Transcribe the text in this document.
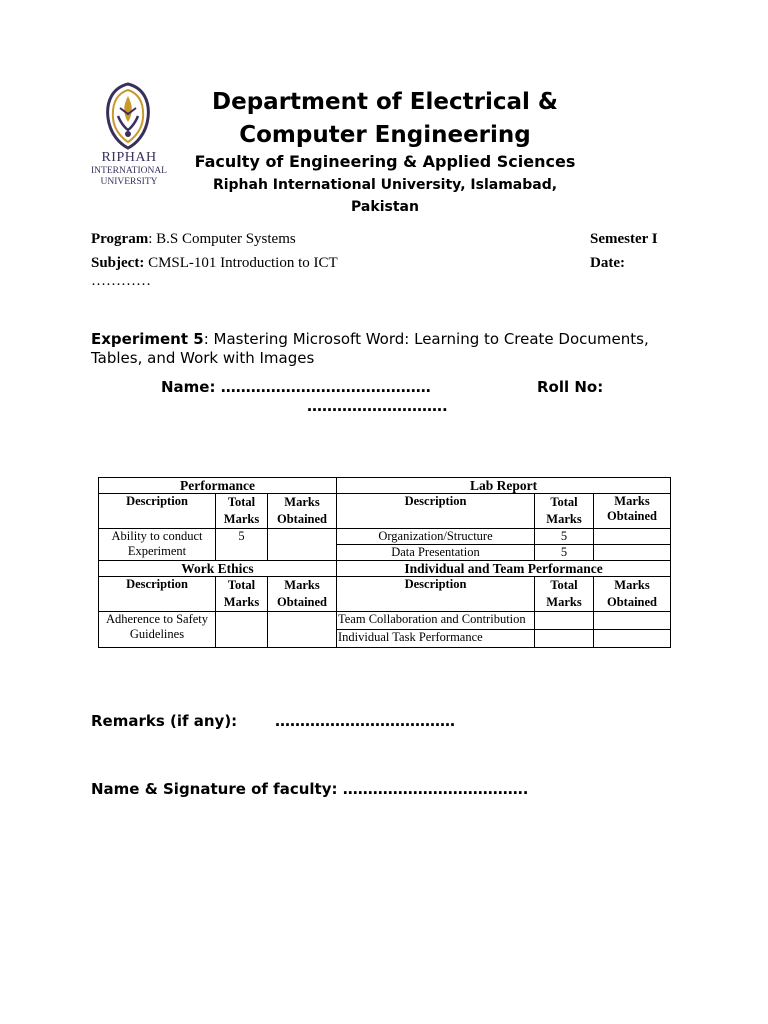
RIPHAH
INTERNATIONAL
UNIVERSITY
Department of Electrical &
Computer Engineering
Faculty of Engineering & Applied Sciences
Riphah International University, Islamabad, Pakistan
Program: B.S Computer Systems	Semester I
Subject: CMSL-101 Introduction to ICT	Date:
…………
Experiment 5: Mastering Microsoft Word: Learning to Create Documents, Tables, and Work with Images
Name: ……………………………………	Roll No:
……………………….
Performance			Lab Report		
Description	Total Marks	Marks Obtained	Description	Total Marks	Marks Obtained
Ability to conduct Experiment	5		Organization/Structure	5	
			Data Presentation	5	
Work Ethics			Individual and Team Performance		
Description	Total Marks	Marks Obtained	Description	Total Marks	Marks Obtained
Adherence to Safety Guidelines			Team Collaboration and Contribution		
			Individual Task Performance		
Remarks (if any):	………………………………
Name & Signature of faculty: ……………………………….
